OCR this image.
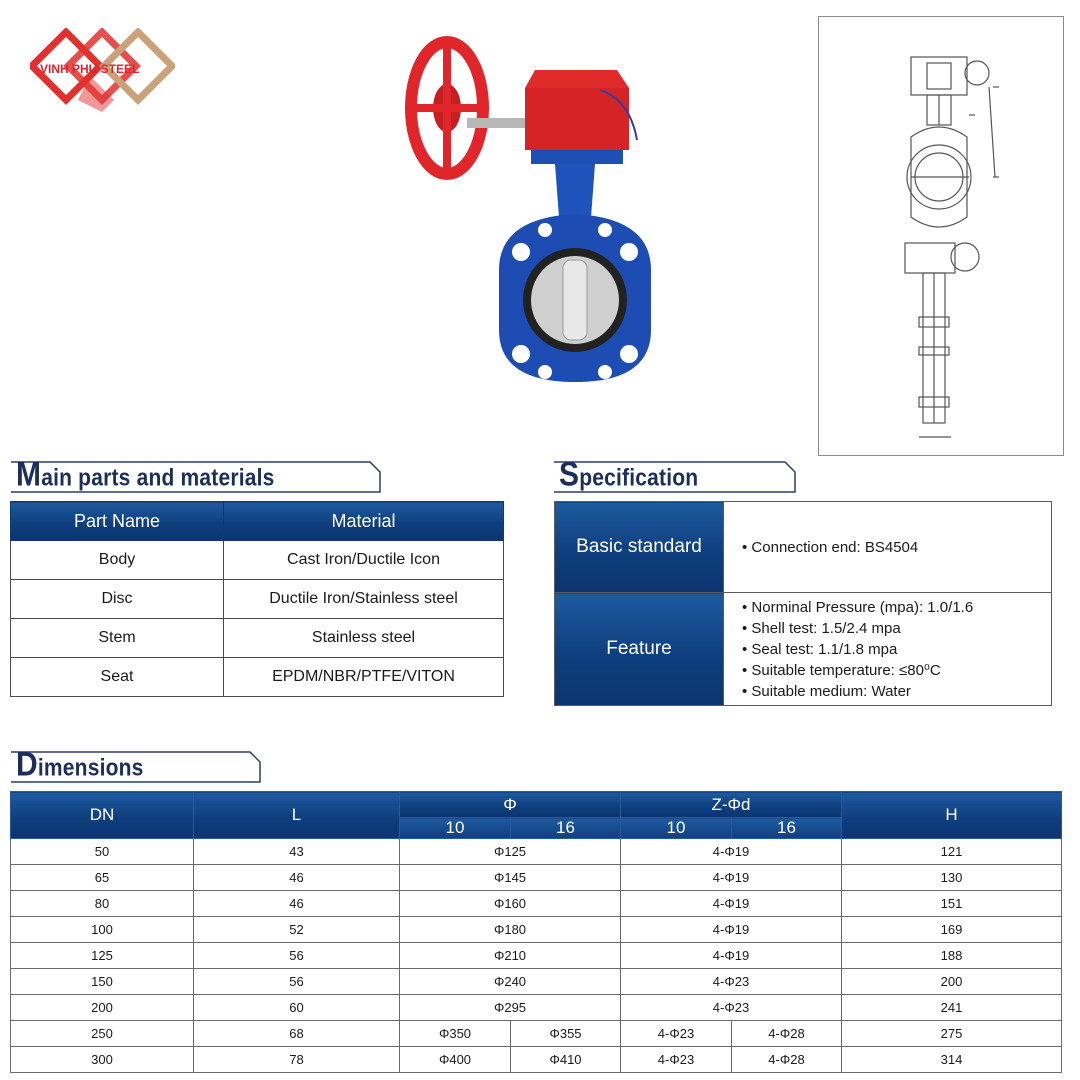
VINH PHU STEEL
Main parts and materials
Part Name	Material
Body	Cast Iron/Ductile Icon
Disc	Ductile Iron/Stainless steel
Stem	Stainless steel
Seat	EPDM/NBR/PTFE/VITON
Specification
Basic standard	• Connection end: BS4504

Feature	• Norminal Pressure (mpa): 1.0/1.6
• Shell test: 1.5/2.4 mpa
• Seal test: 1.1/1.8 mpa
• Suitable temperature: ≤80⁰C
• Suitable medium: Water
Dimensions
DN	L	Φ		Z-Φd		H
		10	16	10	16	
50	43	Φ125		4-Φ19		121
65	46	Φ145		4-Φ19		130
80	46	Φ160		4-Φ19		151
100	52	Φ180		4-Φ19		169
125	56	Φ210		4-Φ19		188
150	56	Φ240		4-Φ23		200
200	60	Φ295		4-Φ23		241
250	68	Φ350	Φ355	4-Φ23	4-Φ28	275
300	78	Φ400	Φ410	4-Φ23	4-Φ28	314
